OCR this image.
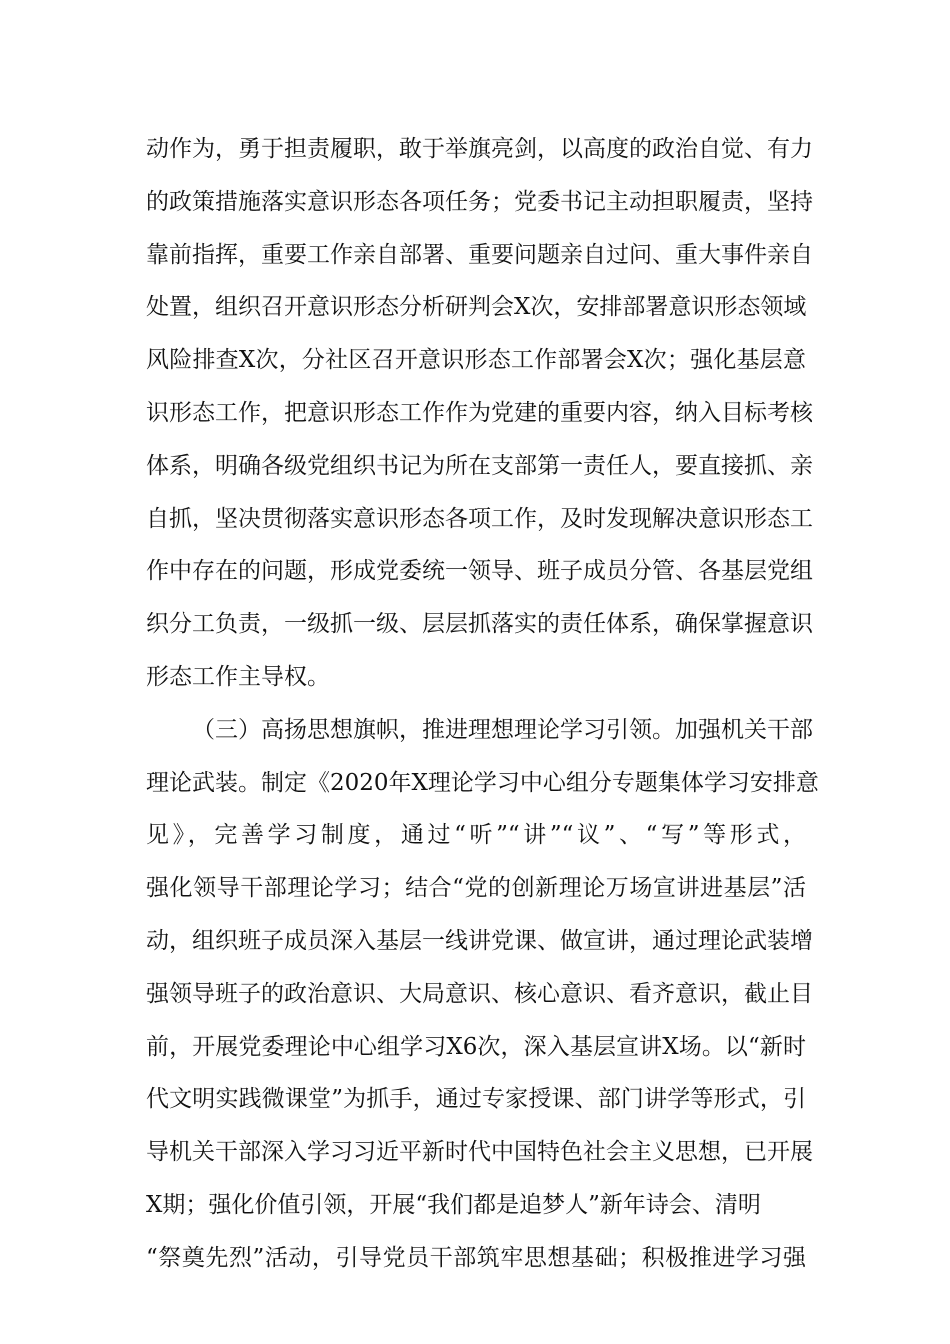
动作为，勇于担责履职，敢于举旗亮剑，以高度的政治自觉、有力
的政策措施落实意识形态各项任务；党委书记主动担职履责，坚持
靠前指挥，重要工作亲自部署、重要问题亲自过问、重大事件亲自
处置，组织召开意识形态分析研判会X次，安排部署意识形态领域
风险排查X次，分社区召开意识形态工作部署会X次；强化基层意
识形态工作，把意识形态工作作为党建的重要内容，纳入目标考核
体系，明确各级党组织书记为所在支部第一责任人，要直接抓、亲
自抓，坚决贯彻落实意识形态各项工作，及时发现解决意识形态工
作中存在的问题，形成党委统一领导、班子成员分管、各基层党组
织分工负责，一级抓一级、层层抓落实的责任体系，确保掌握意识
形态工作主导权。
（三）高扬思想旗帜，推进理想理论学习引领。加强机关干部
理论武装。制定《2020年X理论学习中心组分专题集体学习安排意
见》，完善学习制度，通过“听”“讲”“议”、“写”等形式，
强化领导干部理论学习；结合“党的创新理论万场宣讲进基层”活
动，组织班子成员深入基层一线讲党课、做宣讲，通过理论武装增
强领导班子的政治意识、大局意识、核心意识、看齐意识，截止目
前，开展党委理论中心组学习X6次，深入基层宣讲X场。以“新时
代文明实践微课堂”为抓手，通过专家授课、部门讲学等形式，引
导机关干部深入学习习近平新时代中国特色社会主义思想，已开展
X期；强化价值引领，开展“我们都是追梦人”新年诗会、清明
“祭奠先烈”活动，引导党员干部筑牢思想基础；积极推进学习强
